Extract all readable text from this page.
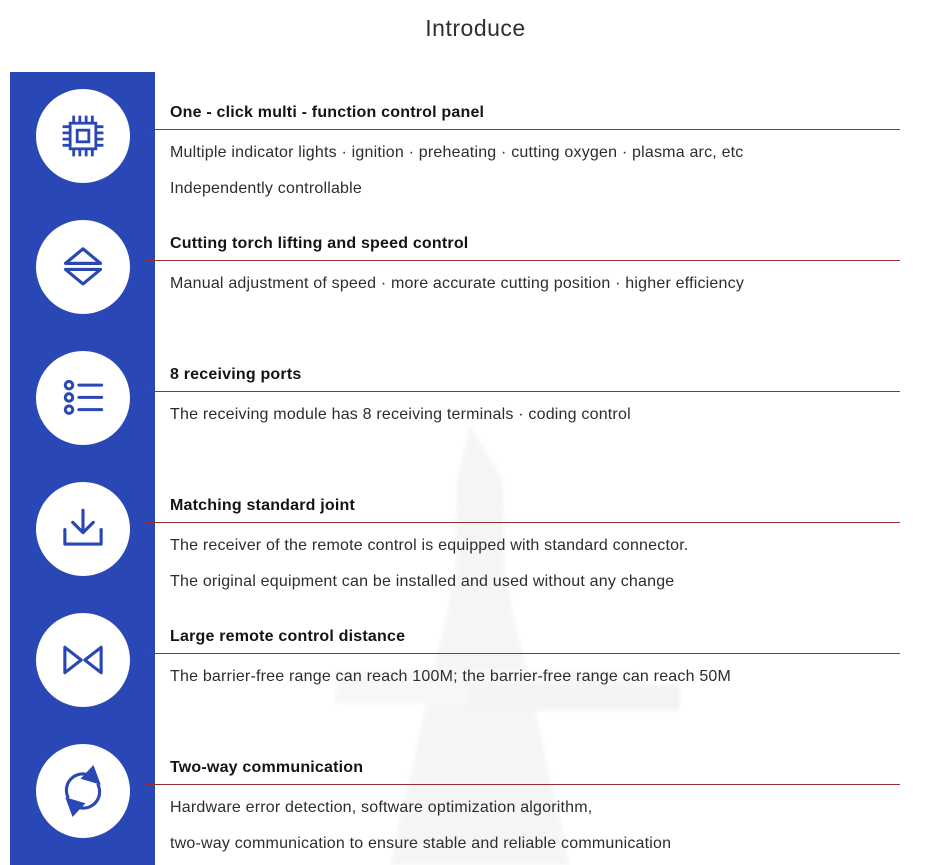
Introduce
One - click multi - function control panel
Multiple indicator lights · ignition · preheating · cutting oxygen · plasma arc, etc
Independently controllable
Cutting torch lifting and speed control
Manual adjustment of speed · more accurate cutting position · higher efficiency
8 receiving ports
The receiving module has 8 receiving terminals · coding control
Matching standard joint
The receiver of the remote control is equipped with standard connector.
The original equipment can be installed and used without any change
Large remote control distance
The barrier-free range can reach 100M; the barrier-free range can reach 50M
Two-way communication
Hardware error detection, software optimization algorithm,
two-way communication to ensure stable and reliable communication
